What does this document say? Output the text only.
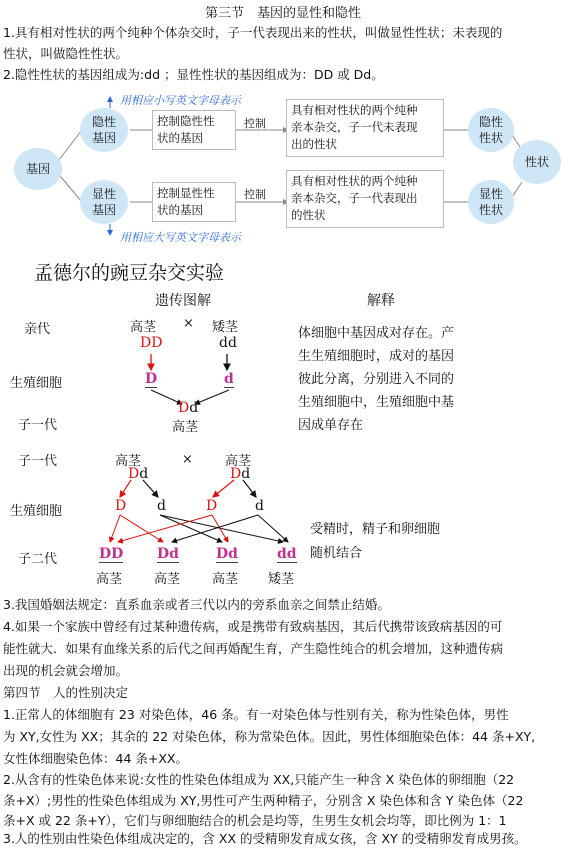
第三节　基因的显性和隐性
1.具有相对性状的两个纯种个体杂交时，子一代表现出来的性状，叫做显性性状；未表现的
性状，叫做隐性性状。
2.隐性性状的基因组成为:dd ；显性性状的基因组成为：DD 或 Dd。
用相应小写英文字母表示
用相应大写英文字母表示
基因
隐性
基因
显性
基因
控制隐性性
状的基因
控制显性性
状的基因
控制
控制
具有相对性状的两个纯种
亲本杂交，子一代未表现
出的性状
具有相对性状的两个纯种
亲本杂交，子一代表现出
的性状
隐性
性状
显性
性状
性状
孟德尔的豌豆杂交实验
遗传图解	解释
亲代	高茎 × 矮茎
DD	dd
生殖细胞	D	d
Dd
子一代	高茎
体细胞中基因成对存在。产
生生殖细胞时，成对的基因
彼此分离，分别进入不同的
生殖细胞中，生殖细胞中基
因成单存在
子一代	高茎	× 高茎
Dd	Dd
生殖细胞	D d	D	d
受精时，精子和卵细胞
随机结合
子二代	DD Dd	Dd	dd
高茎 高茎 高茎 矮茎
3.我国婚姻法规定：直系血亲或者三代以内的旁系血亲之间禁止结婚。
4.如果一个家族中曾经有过某种遗传病，或是携带有致病基因，其后代携带该致病基因的可
能性就大．如果有血缘关系的后代之间再婚配生育，产生隐性纯合的机会增加，这种遗传病
出现的机会就会增加。
第四节　人的性别决定
1.正常人的体细胞有 23 对染色体，46 条。有一对染色体与性别有关，称为性染色体，男性
为 XY,女性为 XX；其余的 22 对染色体，称为常染色体。因此，男性体细胞染色体：44 条+XY,
女性体细胞染色体：44 条+XX。
2.从含有的性染色体来说:女性的性染色体组成为 XX,只能产生一种含 X 染色体的卵细胞（22
条+X）;男性的性染色体组成为 XY,男性可产生两种精子，分别含 X 染色体和含 Y 染色体（22
条+X 或 22 条+Y），它们与卵细胞结合的机会是均等，生男生女机会均等，即比例为 1：1
3.人的性别由性染色体组成决定的，含 XX 的受精卵发育成女孩，含 XY 的受精卵发育成男孩。
